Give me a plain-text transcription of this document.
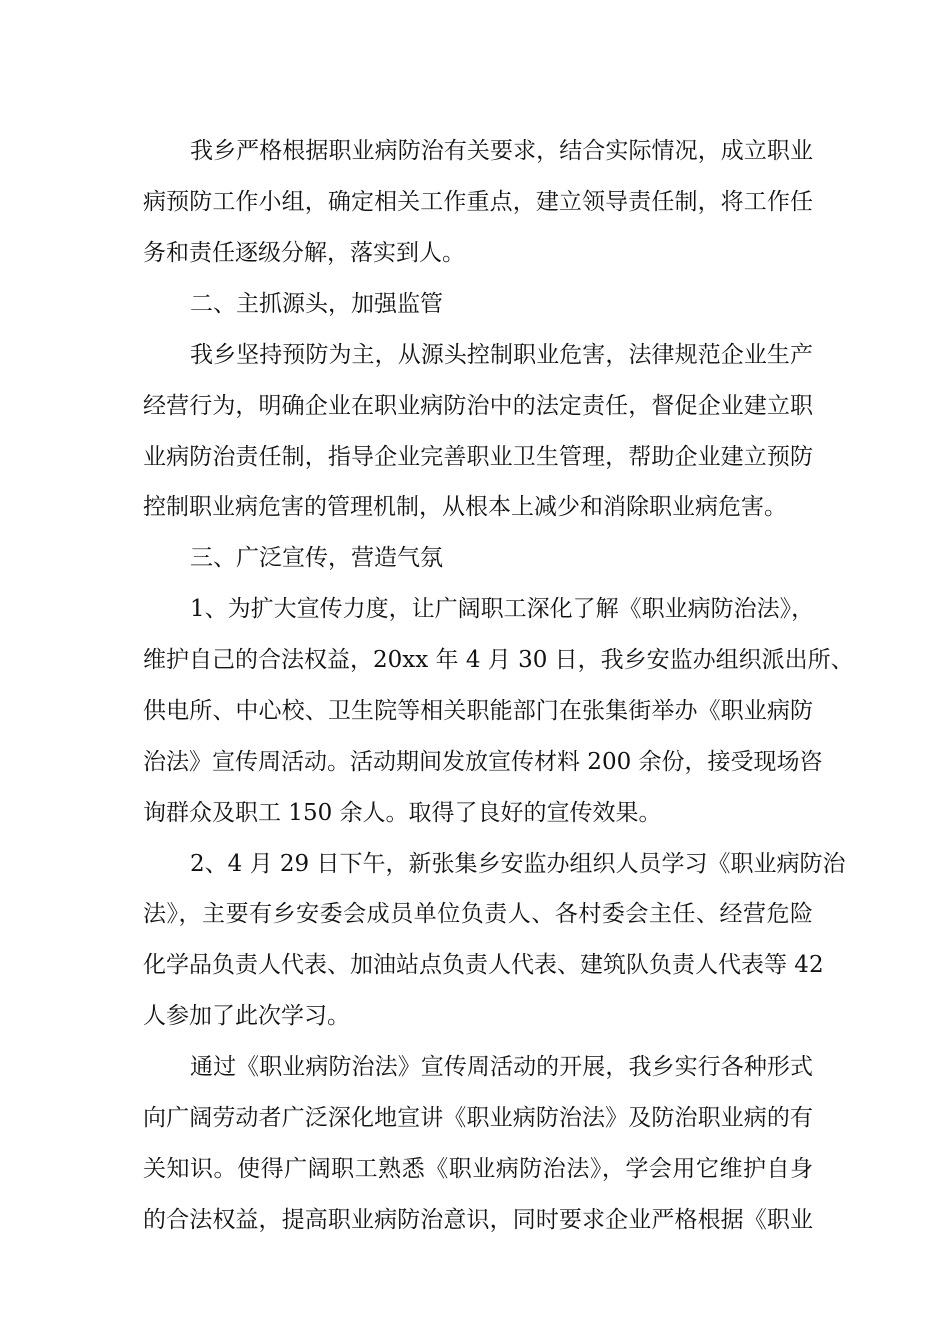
我乡严格根据职业病防治有关要求，结合实际情况，成立职业
病预防工作小组，确定相关工作重点，建立领导责任制，将工作任
务和责任逐级分解，落实到人。
二、主抓源头，加强监管
我乡坚持预防为主，从源头控制职业危害，法律规范企业生产
经营行为，明确企业在职业病防治中的法定责任，督促企业建立职
业病防治责任制，指导企业完善职业卫生管理，帮助企业建立预防
控制职业病危害的管理机制，从根本上减少和消除职业病危害。
三、广泛宣传，营造气氛
1、为扩大宣传力度，让广阔职工深化了解《职业病防治法》，
维护自己的合法权益，20xx 年 4 月 30 日，我乡安监办组织派出所、
供电所、中心校、卫生院等相关职能部门在张集街举办《职业病防
治法》宣传周活动。活动期间发放宣传材料 200 余份，接受现场咨
询群众及职工 150 余人。取得了良好的宣传效果。
2、4 月 29 日下午，新张集乡安监办组织人员学习《职业病防治
法》，主要有乡安委会成员单位负责人、各村委会主任、经营危险
化学品负责人代表、加油站点负责人代表、建筑队负责人代表等 42
人参加了此次学习。
通过《职业病防治法》宣传周活动的开展，我乡实行各种形式
向广阔劳动者广泛深化地宣讲《职业病防治法》及防治职业病的有
关知识。使得广阔职工熟悉《职业病防治法》，学会用它维护自身
的合法权益，提高职业病防治意识，同时要求企业严格根据《职业
